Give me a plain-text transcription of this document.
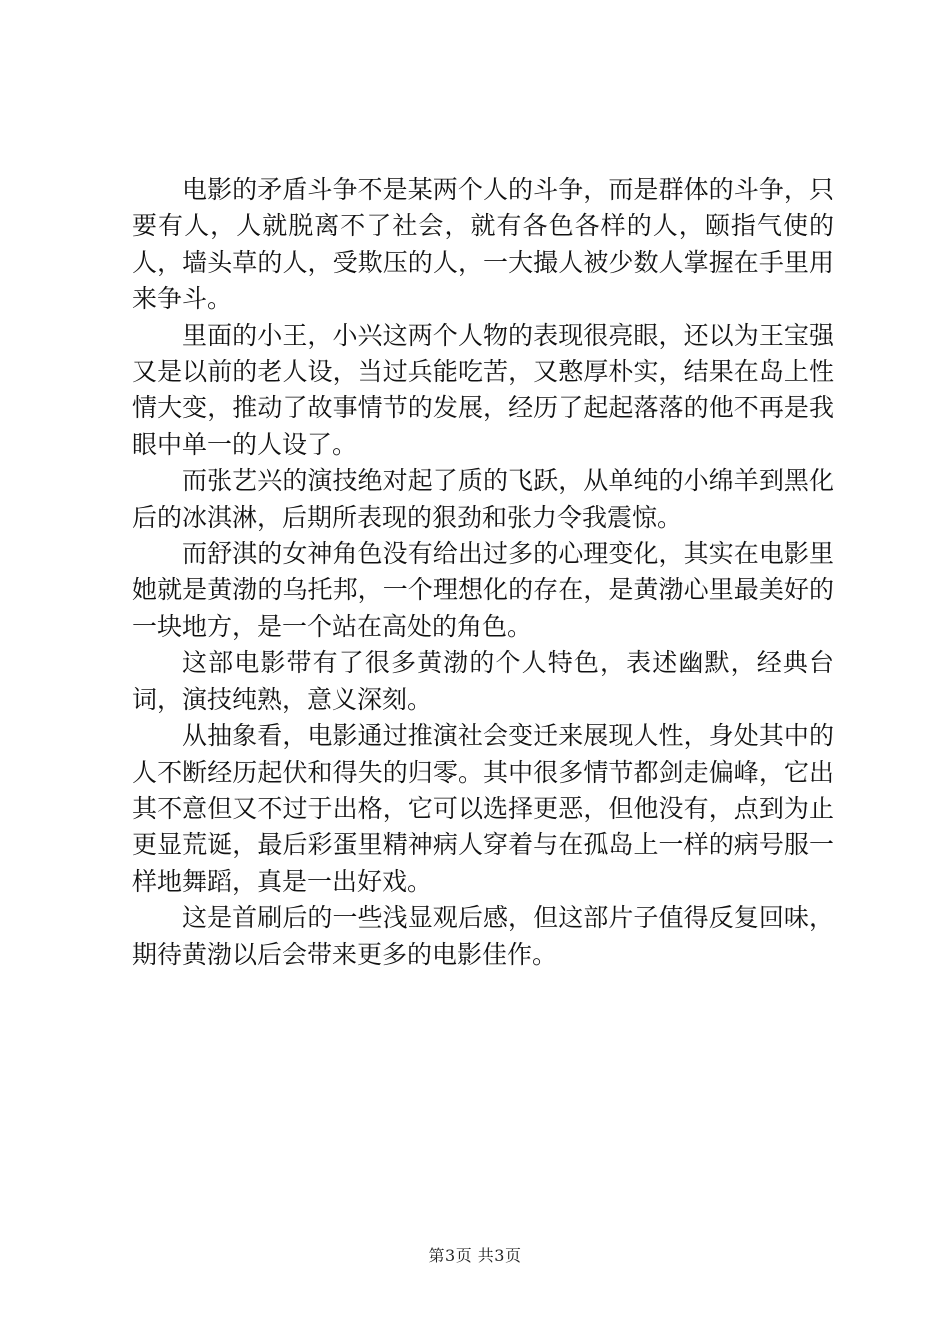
电影的矛盾斗争不是某两个人的斗争，而是群体的斗争，只要有人，人就脱离不了社会，就有各色各样的人，颐指气使的人，墙头草的人，受欺压的人，一大撮人被少数人掌握在手里用来争斗。

里面的小王，小兴这两个人物的表现很亮眼，还以为王宝强又是以前的老人设，当过兵能吃苦，又憨厚朴实，结果在岛上性情大变，推动了故事情节的发展，经历了起起落落的他不再是我眼中单一的人设了。

而张艺兴的演技绝对起了质的飞跃，从单纯的小绵羊到黑化后的冰淇淋，后期所表现的狠劲和张力令我震惊。

而舒淇的女神角色没有给出过多的心理变化，其实在电影里她就是黄渤的乌托邦，一个理想化的存在，是黄渤心里最美好的一块地方，是一个站在高处的角色。

这部电影带有了很多黄渤的个人特色，表述幽默，经典台词，演技纯熟，意义深刻。

从抽象看，电影通过推演社会变迁来展现人性，身处其中的人不断经历起伏和得失的归零。其中很多情节都剑走偏峰，它出其不意但又不过于出格，它可以选择更恶，但他没有，点到为止更显荒诞，最后彩蛋里精神病人穿着与在孤岛上一样的病号服一样地舞蹈，真是一出好戏。

这是首刷后的一些浅显观后感，但这部片子值得反复回味，期待黄渤以后会带来更多的电影佳作。

第3页 共3页
